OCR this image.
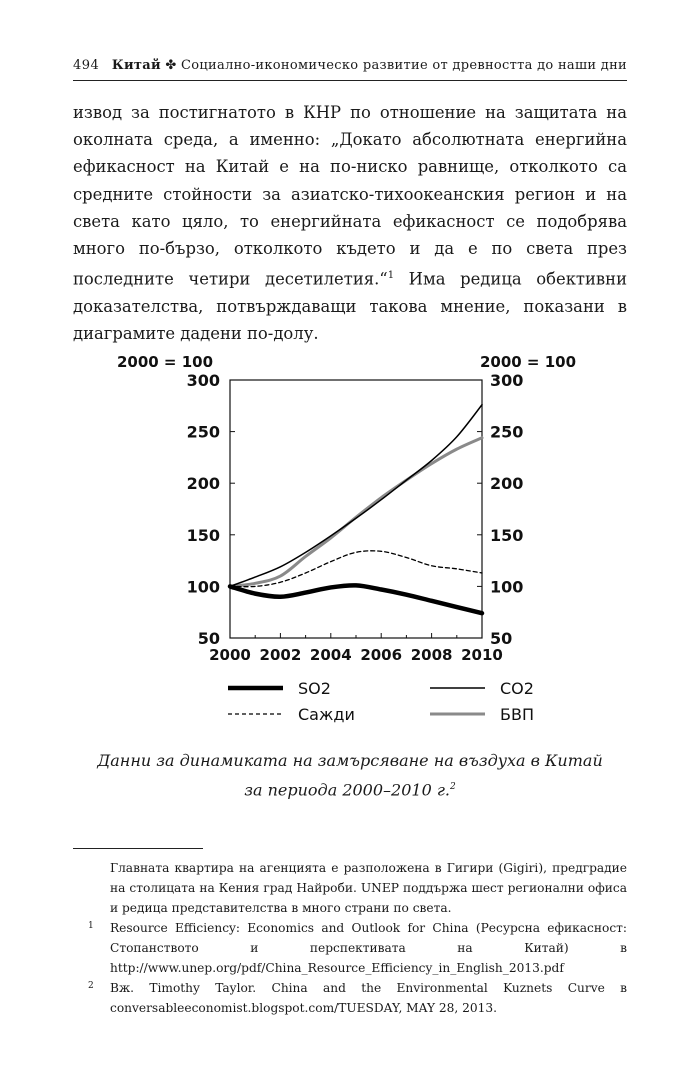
494 Китай ✤ Социално-икономическо развитие от древността до наши дни
извод за постигнатото в КНР по отношение на защитата на околната среда, а именно: „Докато абсолютната енергийна ефикасност на Китай е на по-ниско равнище, отколкото са средните стойности за азиатско-тихоокеанския регион и на света като цяло, то енергийната ефикасност се подобрява много по-бързо, отколкото където и да е по света през последните четири десетилетия.“$^1$ Има редица обективни доказателства, потвърждаващи такова мнение, показани в диаграмите дадени по-долу.
2000 = 100	2000 = 100
50	50
100	100
150	150
200	200
250	250
300	300
2000 2002 2004 2006 2008 2010
SO2	CO2
Сажди	БВП
Данни за динамиката на замърсяване на въздуха в Китай
за периода 2000–2010 г.$^2$
Главната квартира на агенцията е разположена в Гигири (Gigiri), предградие на столицата на Кения град Найроби. UNEP поддържа шест регионални офиса и редица представителства в много страни по света.
1 Resource Efficiency: Economics and Outlook for China (Ресурсна ефикасност: Стопанството и перспективата на Китай) в http://www.unep.org/pdf/China_Resource_Efficiency_in_English_2013.pdf
2 Вж. Timothy Taylor. China and the Environmental Kuznets Curve в conversableeconomist.blogspot.com/TUESDAY, MAY 28, 2013.
